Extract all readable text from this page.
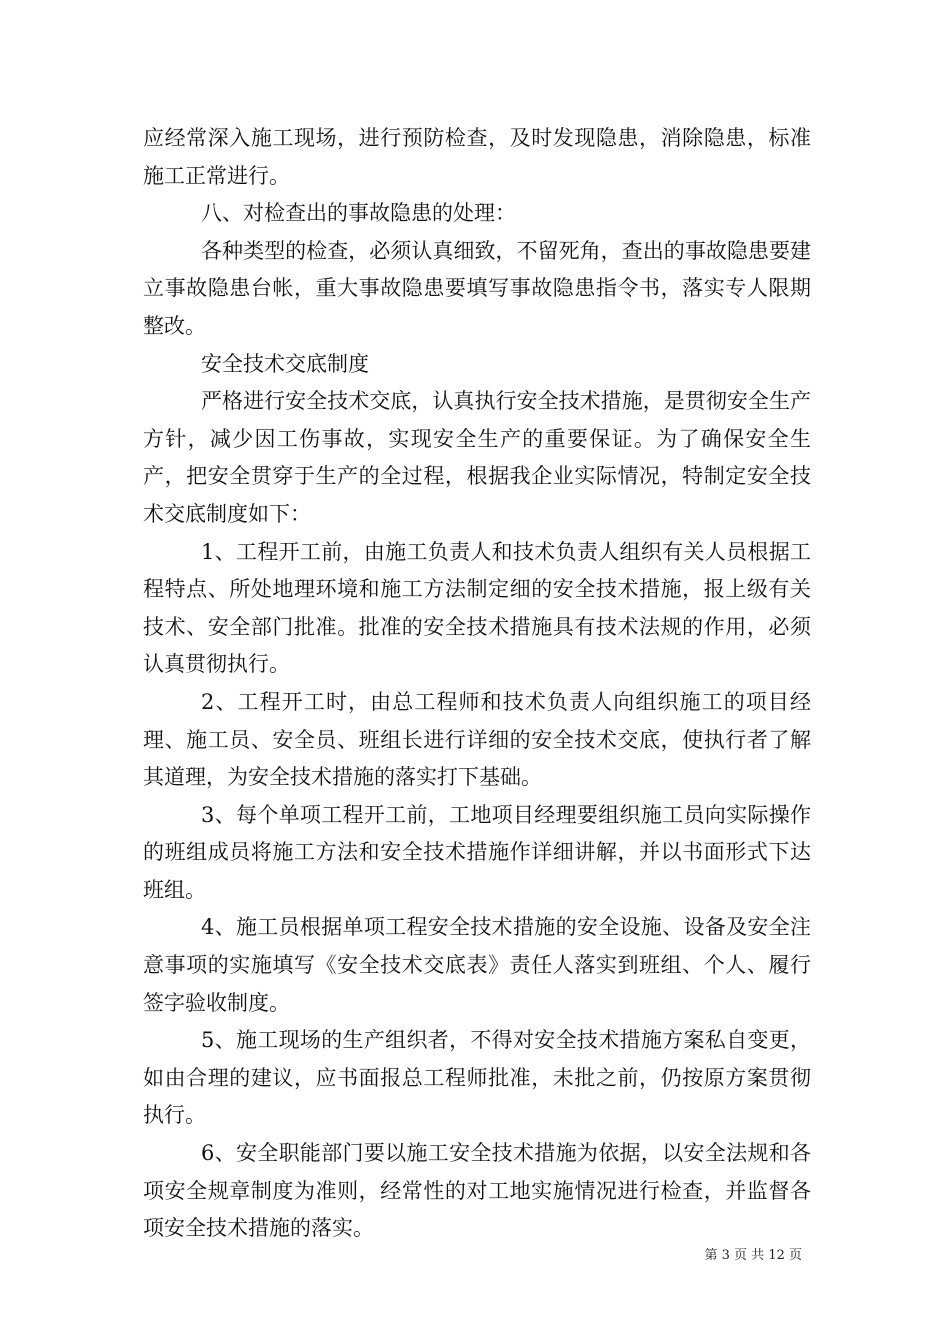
应经常深入施工现场，进行预防检查，及时发现隐患，消除隐患，标准施工正常进行。

八、对检查出的事故隐患的处理：

各种类型的检查，必须认真细致，不留死角，查出的事故隐患要建立事故隐患台帐，重大事故隐患要填写事故隐患指令书，落实专人限期整改。

安全技术交底制度

严格进行安全技术交底，认真执行安全技术措施，是贯彻安全生产方针，减少因工伤事故，实现安全生产的重要保证。为了确保安全生产，把安全贯穿于生产的全过程，根据我企业实际情况，特制定安全技术交底制度如下：

1、工程开工前，由施工负责人和技术负责人组织有关人员根据工程特点、所处地理环境和施工方法制定细的安全技术措施，报上级有关技术、安全部门批准。批准的安全技术措施具有技术法规的作用，必须认真贯彻执行。

2、工程开工时，由总工程师和技术负责人向组织施工的项目经理、施工员、安全员、班组长进行详细的安全技术交底，使执行者了解其道理，为安全技术措施的落实打下基础。

3、每个单项工程开工前，工地项目经理要组织施工员向实际操作的班组成员将施工方法和安全技术措施作详细讲解，并以书面形式下达班组。

4、施工员根据单项工程安全技术措施的安全设施、设备及安全注意事项的实施填写《安全技术交底表》责任人落实到班组、个人、履行签字验收制度。

5、施工现场的生产组织者，不得对安全技术措施方案私自变更，如由合理的建议，应书面报总工程师批准，未批之前，仍按原方案贯彻执行。

6、安全职能部门要以施工安全技术措施为依据，以安全法规和各项安全规章制度为准则，经常性的对工地实施情况进行检查，并监督各项安全技术措施的落实。

第 3 页 共 12 页
